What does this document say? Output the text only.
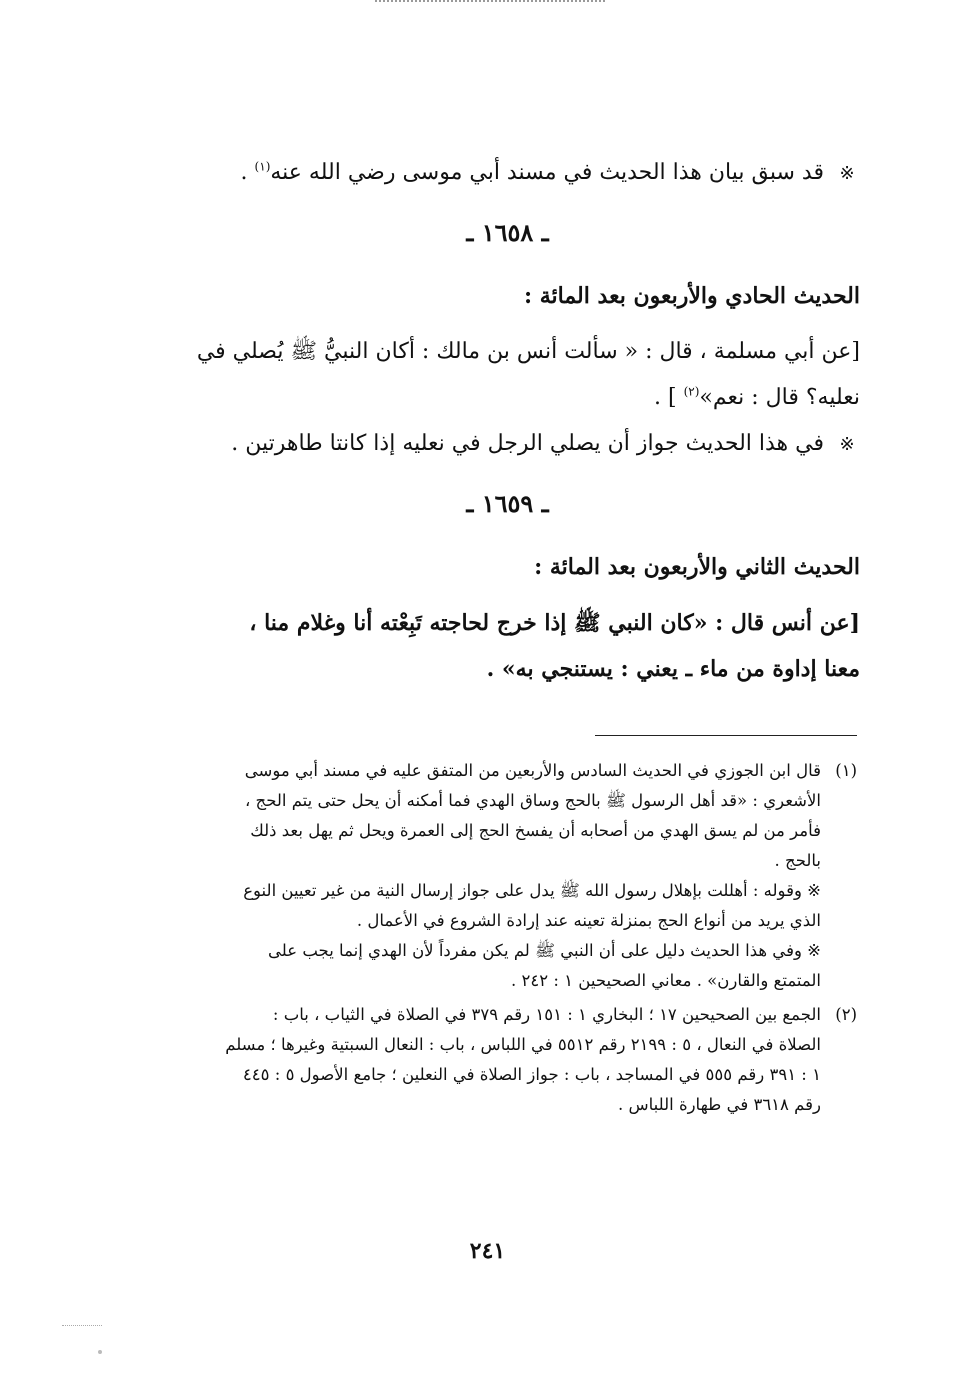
※قد سبق بيان هذا الحديث في مسند أبي موسى رضي الله عنه$^{(١)}$ .
ـ ١٦٥٨ ـ
الحديث الحادي والأربعون بعد المائة :
[عن أبي مسلمة ، قال : « سألت أنس بن مالك : أكان النبيُّ ﷺ يُصلي في
نعليه؟ قال : نعم»$^{(٢)}$ ] .
※في هذا الحديث جواز أن يصلي الرجل في نعليه إذا كانتا طاهرتين .
ـ ١٦٥٩ ـ
الحديث الثاني والأربعون بعد المائة :
[عن أنس قال : «كان النبي ﷺ إذا خرج لحاجته تَبِعْته أنا وغلام منا ،
معنا إداوة من ماء ـ يعني : يستنجي به» .
(١)
قال ابن الجوزي في الحديث السادس والأربعين من المتفق عليه في مسند أبي موسى
الأشعري : «قد أهل الرسول ﷺ بالحج وساق الهدي فما أمكنه أن يحل حتى يتم الحج ،
فأمر من لم يسق الهدي من أصحابه أن يفسخ الحج إلى العمرة ويحل ثم يهل بعد ذلك
بالحج .
※ وقوله : أهللت بإهلال رسول الله ﷺ يدل على جواز إرسال النية من غير تعيين النوع
الذي يريد من أنواع الحج بمنزلة تعينه عند إرادة الشروع في الأعمال .
※ وفي هذا الحديث دليل على أن النبي ﷺ لم يكن مفرداً لأن الهدي إنما يجب على
المتمتع والقارن» . معاني الصحيحين ١ : ٢٤٢ .
(٢)
الجمع بين الصحيحين ١٧ ؛ البخاري ١ : ١٥١ رقم ٣٧٩ في الصلاة في الثياب ، باب :
الصلاة في النعال ، ٥ : ٢١٩٩ رقم ٥٥١٢ في اللباس ، باب : النعال السبتية وغيرها ؛ مسلم
١ : ٣٩١ رقم ٥٥٥ في المساجد ، باب : جواز الصلاة في النعلين ؛ جامع الأصول ٥ : ٤٤٥
رقم ٣٦١٨ في طهارة اللباس .
٢٤١
